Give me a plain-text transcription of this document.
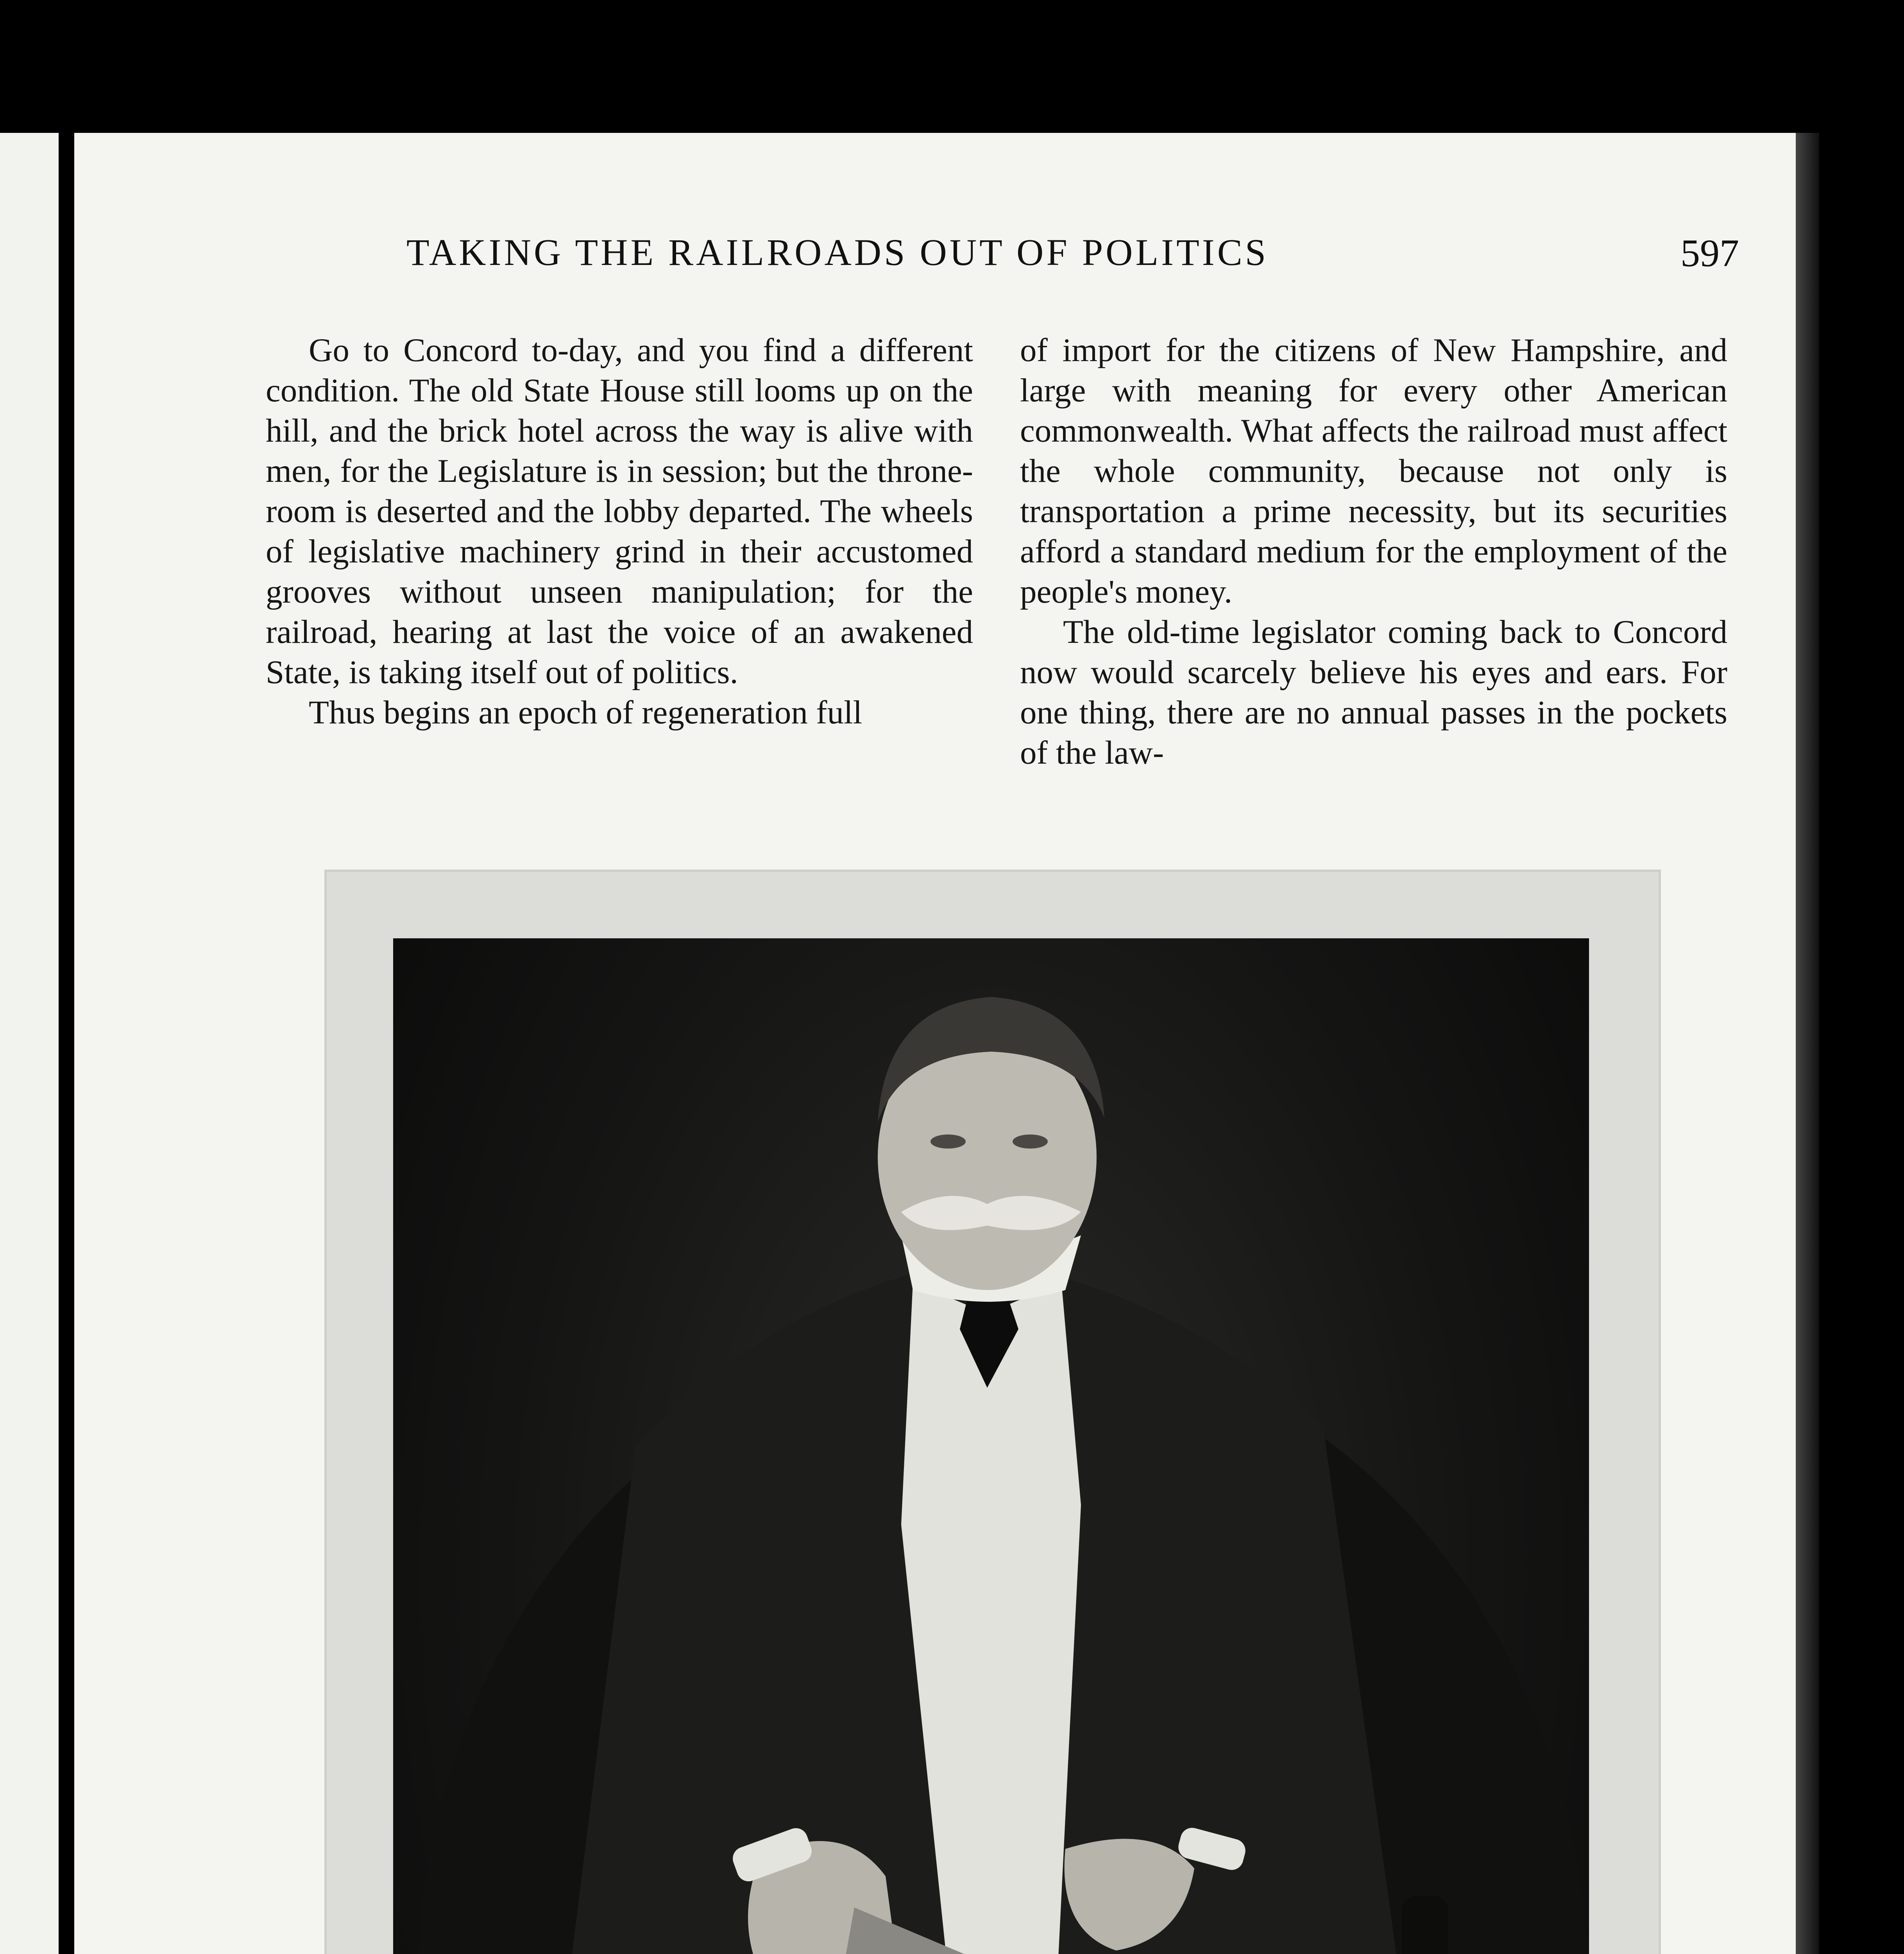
TAKING THE RAILROADS OUT OF POLITICS	597

Go to Concord to-day, and you find a different condition. The old State House still looms up on the hill, and the brick hotel across the way is alive with men, for the Legislature is in session; but the throne-room is deserted and the lobby departed. The wheels of legislative machinery grind in their accustomed grooves without unseen manipulation; for the railroad, hearing at last the voice of an awakened State, is taking itself out of politics.

Thus begins an epoch of regeneration full

of import for the citizens of New Hampshire, and large with meaning for every other American commonwealth. What affects the railroad must affect the whole community, because not only is transportation a prime necessity, but its securities afford a standard medium for the employment of the people's money.

The old-time legislator coming back to Concord now would scarcely believe his eyes and ears. For one thing, there are no annual passes in the pockets of the law-
